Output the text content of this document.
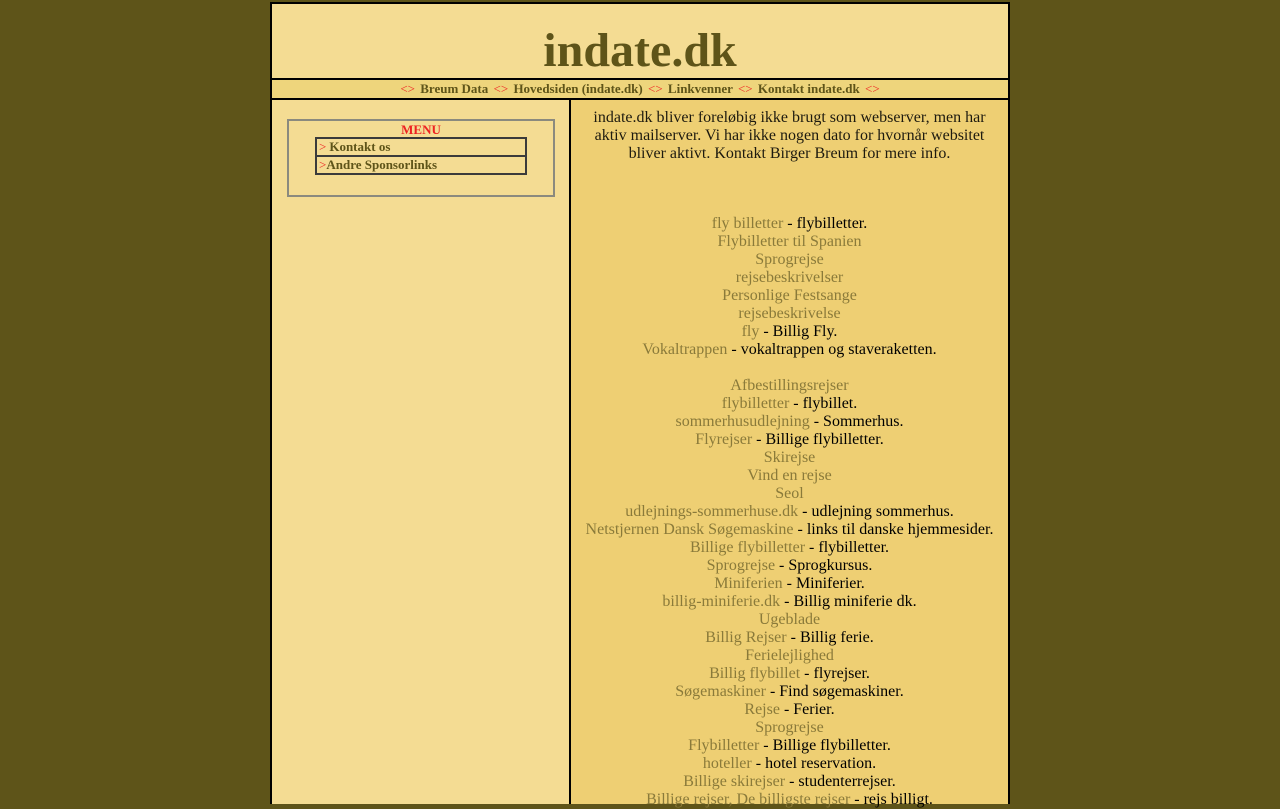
indate.dk
<> Breum Data <> Hovedsiden (indate.dk) <> Linkvenner <> Kontakt indate.dk <>
MENU
> Kontakt os
>Andre Sponsorlinks
indate.dk bliver foreløbig ikke brugt som webserver, men har aktiv mailserver. Vi har ikke nogen dato for hvornår websitet bliver aktivt. Kontakt Birger Breum for mere info.
fly billetter - flybilletter.
Flybilletter til Spanien
Sprogrejse
rejsebeskrivelser
Personlige Festsange
rejsebeskrivelse
fly - Billig Fly.
Vokaltrappen - vokaltrappen og staveraketten.
Afbestillingsrejser
flybilletter - flybillet.
sommerhusudlejning - Sommerhus.
Flyrejser - Billige flybilletter.
Skirejse
Vind en rejse
Seol
udlejnings-sommerhuse.dk - udlejning sommerhus.
Netstjernen Dansk Søgemaskine - links til danske hjemmesider.
Billige flybilletter - flybilletter.
Sprogrejse - Sprogkursus.
Miniferien - Miniferier.
billig-miniferie.dk - Billig miniferie dk.
Ugeblade
Billig Rejser - Billig ferie.
Ferielejlighed
Billig flybillet - flyrejser.
Søgemaskiner - Find søgemaskiner.
Rejse - Ferier.
Sprogrejse
Flybilletter - Billige flybilletter.
hoteller - hotel reservation.
Billige skirejser - studenterrejser.
Billige rejser, De billigste rejser - rejs billigt.
